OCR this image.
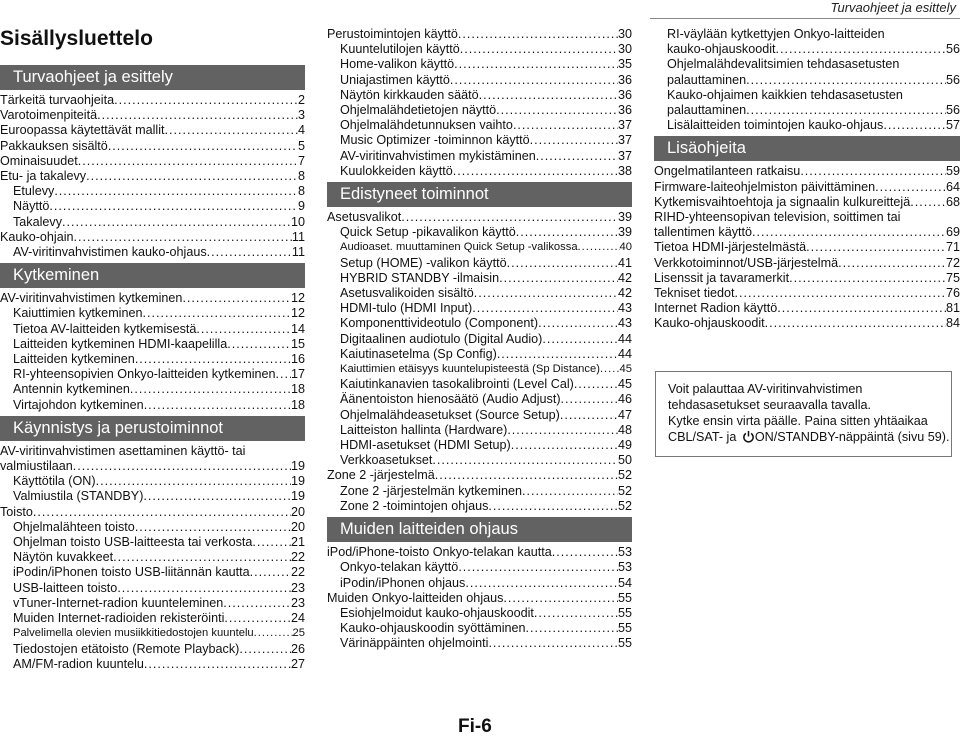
Turvaohjeet ja esittely
Sisällysluettelo
Turvaohjeet ja esittely
Tärkeitä turvaohjeita .....	2
Varotoimenpiteitä .....	3
Euroopassa käytettävät mallit .....	4
Pakkauksen sisältö .....	5
Ominaisuudet .....	7
Etu- ja takalevy .....	8
Etulevy .....	8
Näyttö .....	9
Takalevy .....	10
Kauko-ohjain .....	11
AV-viritinvahvistimen kauko-ohjaus .....	11
Kytkeminen
AV-viritinvahvistimen kytkeminen .....	12
Kaiuttimien kytkeminen .....	12
Tietoa AV-laitteiden kytkemisestä .....	14
Laitteiden kytkeminen HDMI-kaapelilla .....	15
Laitteiden kytkeminen .....	16
RI-yhteensopivien Onkyo-laitteiden kytkeminen ..... 17
Antennin kytkeminen .....	18
Virtajohdon kytkeminen .....	18
Käynnistys ja perustoiminnot
AV-viritinvahvistimen asettaminen käyttö- tai
valmiustilaan .....	19
Käyttötila (ON) .....	19
Valmiustila (STANDBY) .....	19
Toisto .....	20
Ohjelmalähteen toisto .....	20
Ohjelman toisto USB-laitteesta tai verkosta .....	21
Näytön kuvakkeet .....	22
iPodin/iPhonen toisto USB-liitännän kautta .....	22
USB-laitteen toisto .....	23
vTuner-Internet-radion kuunteleminen .....	23
Muiden Internet-radioiden rekisteröinti .....	24
Palvelimella olevien musiikkitiedostojen kuuntelu .....	25
Tiedostojen etätoisto (Remote Playback) .....	26
AM/FM-radion kuuntelu .....	27
Perustoimintojen käyttö .....	30
Kuuntelutilojen käyttö .....	30
Home-valikon käyttö .....	35
Uniajastimen käyttö .....	36
Näytön kirkkauden säätö .....	36
Ohjelmalähdetietojen näyttö .....	36
Ohjelmalähdetunnuksen vaihto .....	37
Music Optimizer -toiminnon käyttö .....	37
AV-viritinvahvistimen mykistäminen .....	37
Kuulokkeiden käyttö .....	38
Edistyneet toiminnot
Asetusvalikot .....	39
Quick Setup -pikavalikon käyttö .....	39
Audioaset. muuttaminen Quick Setup -valikossa .....	40
Setup (HOME) -valikon käyttö .....	41
HYBRID STANDBY -ilmaisin .....	42
Asetusvalikoiden sisältö .....	42
HDMI-tulo (HDMI Input) .....	43
Komponenttivideotulo (Component) .....	43
Digitaalinen audiotulo (Digital Audio) .....	44
Kaiutinasetelma (Sp Config) .....	44
Kaiuttimien etäisyys kuuntelupisteestä (Sp Distance) ..... 45
Kaiutinkanavien tasokalibrointi (Level Cal) .....	45
Äänentoiston hienosäätö (Audio Adjust) .....	46
Ohjelmalähdeasetukset (Source Setup) .....	47
Laitteiston hallinta (Hardware) .....	48
HDMI-asetukset (HDMI Setup) .....	49
Verkkoasetukset .....	50
Zone 2 -järjestelmä .....	52
Zone 2 -järjestelmän kytkeminen .....	52
Zone 2 -toimintojen ohjaus .....	52
Muiden laitteiden ohjaus
iPod/iPhone-toisto Onkyo-telakan kautta .....	53
Onkyo-telakan käyttö .....	53
iPodin/iPhonen ohjaus .....	54
Muiden Onkyo-laitteiden ohjaus .....	55
Esiohjelmoidut kauko-ohjauskoodit .....	55
Kauko-ohjauskoodin syöttäminen .....	55
Värinäppäinten ohjelmointi .....	55
RI-väylään kytkettyjen Onkyo-laitteiden
kauko-ohjauskoodit .....	56
Ohjelmalähdevalitsimien tehdasasetusten
palauttaminen .....	56
Kauko-ohjaimen kaikkien tehdasasetusten
palauttaminen .....	56
Lisälaitteiden toimintojen kauko-ohjaus .....	57
Lisäohjeita
Ongelmatilanteen ratkaisu .....	59
Firmware-laiteohjelmiston päivittäminen .....	64
Kytkemisvaihtoehtoja ja signaalin kulkureittejä .....	68
RIHD-yhteensopivan television, soittimen tai
tallentimen käyttö .....	69
Tietoa HDMI-järjestelmästä .....	71
Verkkotoiminnot/USB-järjestelmä .....	72
Lisenssit ja tavaramerkit .....	75
Tekniset tiedot .....	76
Internet Radion käyttö .....	81
Kauko-ohjauskoodit .....	84
Voit palauttaa AV-viritinvahvistimen
tehdasasetukset seuraavalla tavalla.
Kytke ensin virta päälle. Paina sitten yhtäaikaa
CBL/SAT- ja ON/STANDBY-näppäintä (sivu 59).
Fi-6
